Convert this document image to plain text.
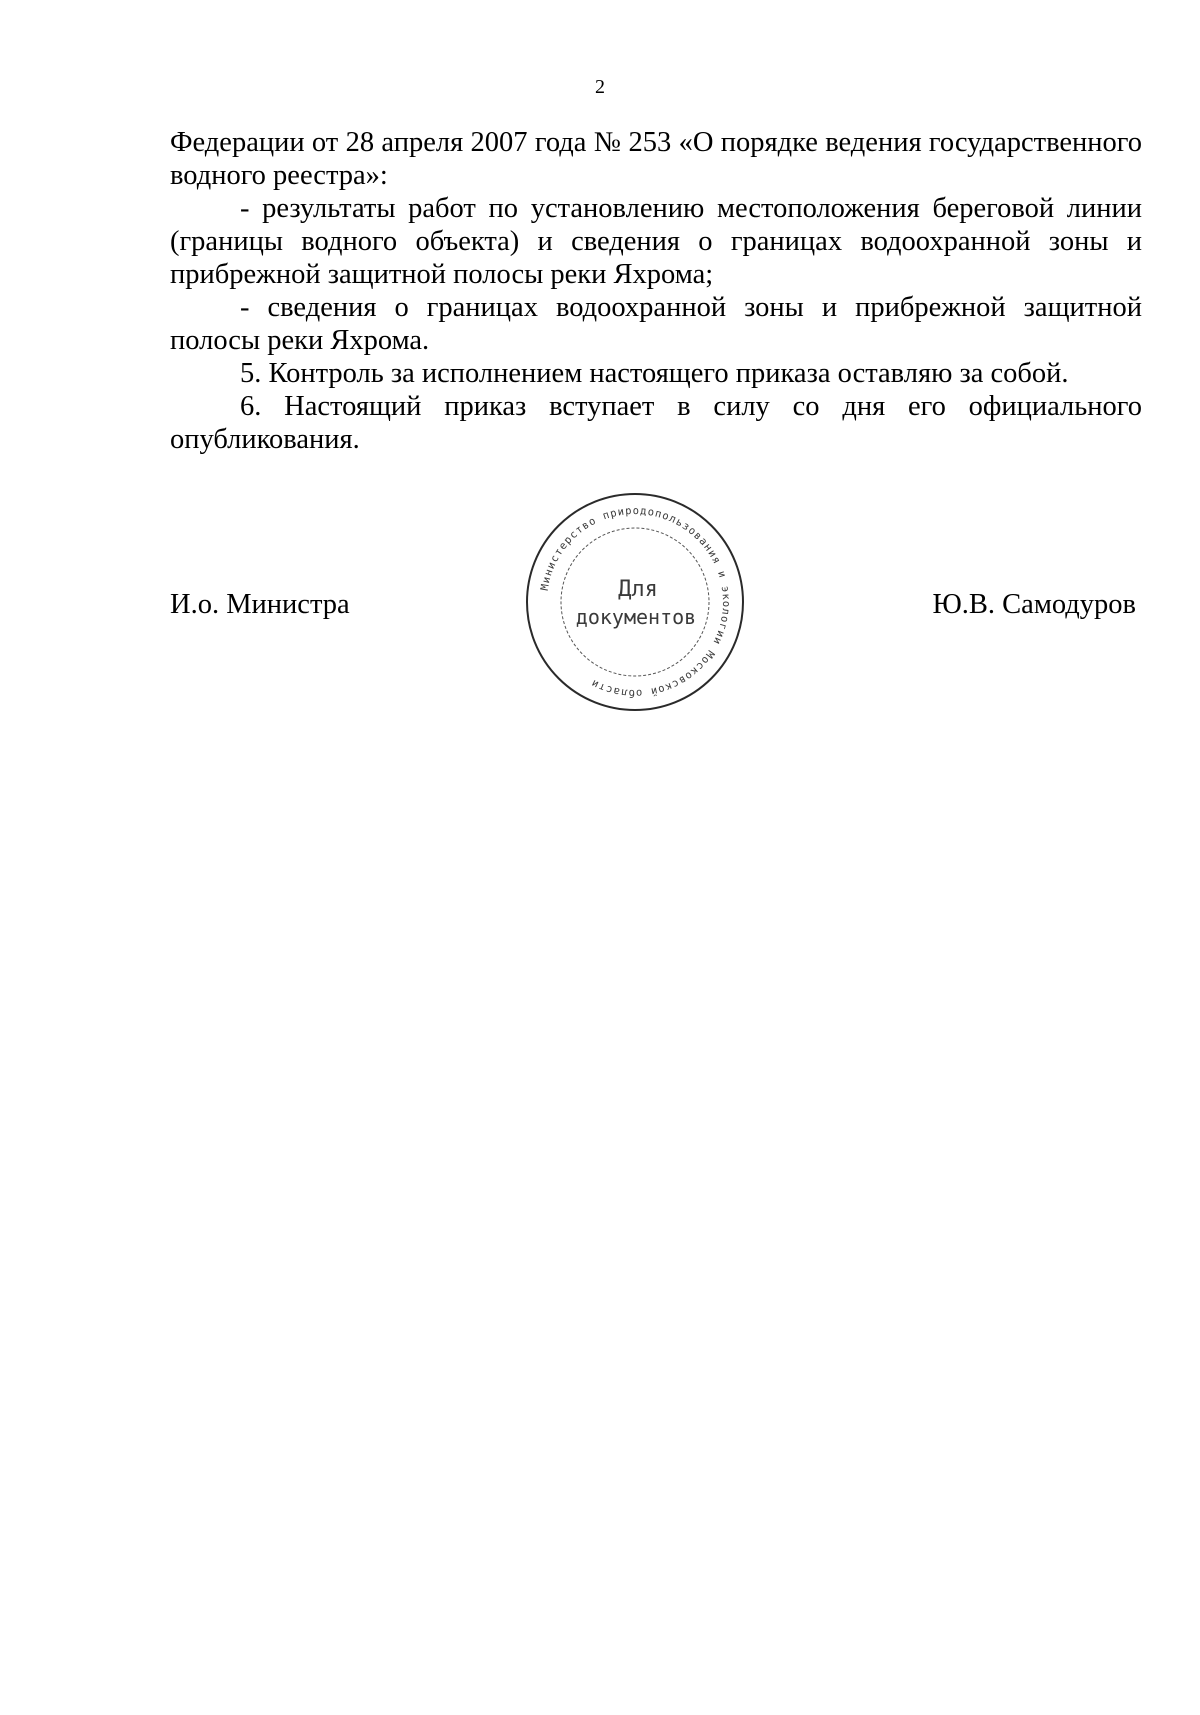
2

Федерации от 28 апреля 2007 года № 253 «О порядке ведения государственного водного реестра»:

- результаты работ по установлению местоположения береговой линии (границы водного объекта) и сведения о границах водоохранной зоны и прибрежной защитной полосы реки Яхрома;

- сведения о границах водоохранной зоны и прибрежной защитной полосы реки Яхрома.

5. Контроль за исполнением настоящего приказа оставляю за собой.

6. Настоящий приказ вступает в силу со дня его официального опубликования.

И.о. Министра	Ю.В. Самодуров
Министерство природопользования и экологии Московской области
Для
документов
